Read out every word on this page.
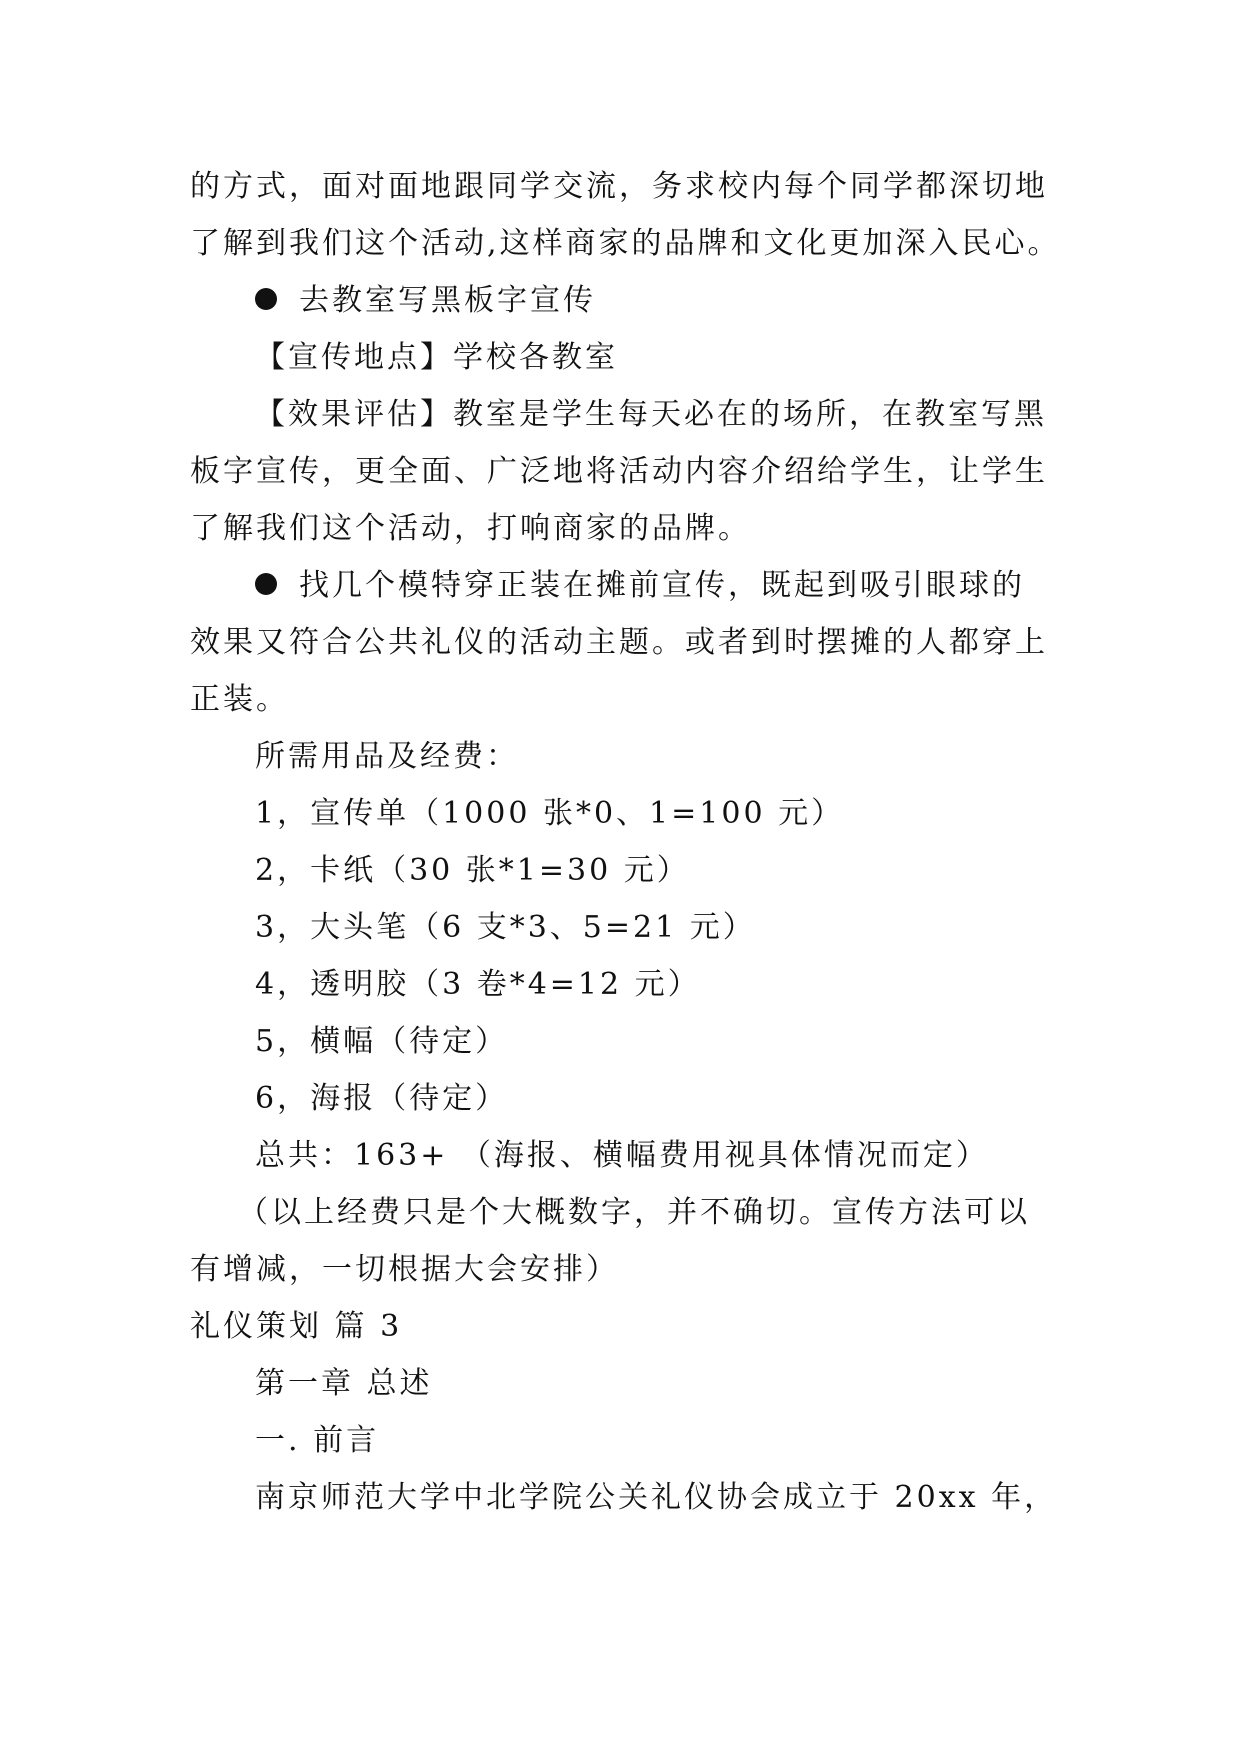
的方式，面对面地跟同学交流，务求校内每个同学都深切地
了解到我们这个活动,这样商家的品牌和文化更加深入民心。
去教室写黑板字宣传
【宣传地点】学校各教室
【效果评估】教室是学生每天必在的场所，在教室写黑
板字宣传，更全面、广泛地将活动内容介绍给学生，让学生
了解我们这个活动，打响商家的品牌。
找几个模特穿正装在摊前宣传，既起到吸引眼球的
效果又符合公共礼仪的活动主题。或者到时摆摊的人都穿上
正装。
所需用品及经费：
1，宣传单（1000 张*0、1=100 元）
2，卡纸（30 张*1=30 元）
3，大头笔（6 支*3、5=21 元）
4，透明胶（3 卷*4=12 元）
5，横幅（待定）
6，海报（待定）
总共：163+ （海报、横幅费用视具体情况而定）
（以上经费只是个大概数字，并不确切。宣传方法可以
有增减，一切根据大会安排）
礼仪策划 篇 3
第一章 总述
一. 前言
南京师范大学中北学院公关礼仪协会成立于 20xx 年，
